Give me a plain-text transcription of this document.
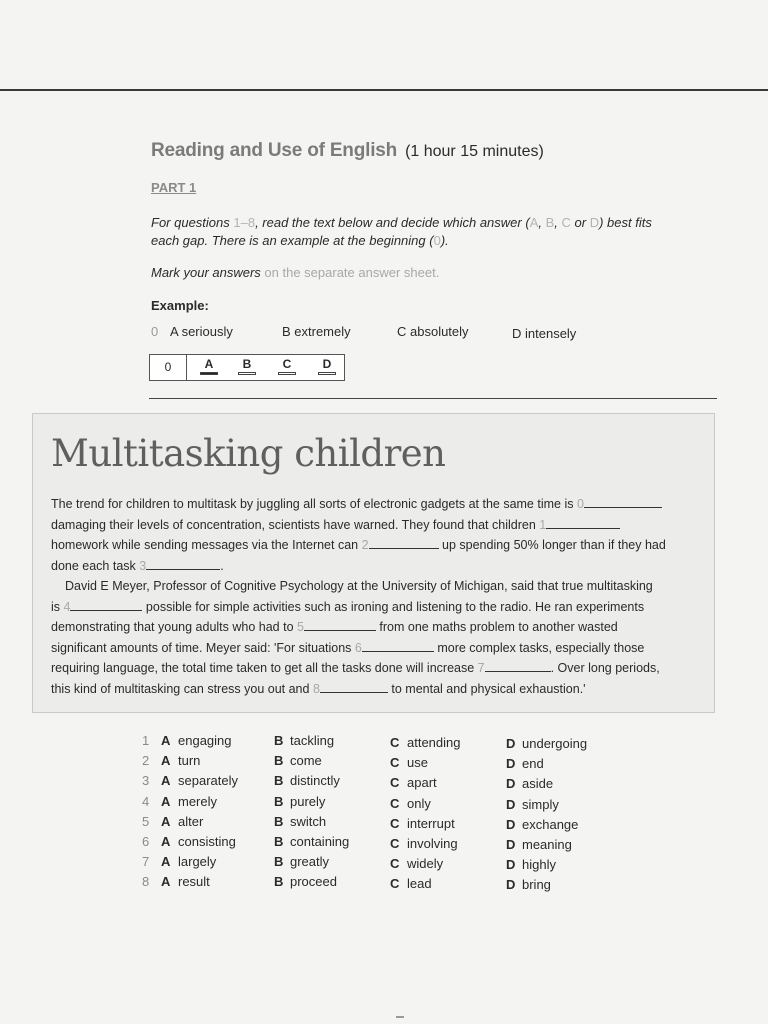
Reading and Use of English (1 hour 15 minutes)
PART 1
For questions 1–8, read the text below and decide which answer (A, B, C or D) best fits
each gap. There is an example at the beginning (0).
Mark your answers on the separate answer sheet.
Example:
0 A seriously	B extremely	C absolutely	D intensely
0	A	B	C	D
Multitasking children

The trend for children to multitask by juggling all sorts of electronic gadgets at the same time is 0
damaging their levels of concentration, scientists have warned. They found that children 1
homework while sending messages via the Internet can 2	up spending 50% longer than if they had
done each task 3	.

David E Meyer, Professor of Cognitive Psychology at the University of Michigan, said that true multitasking
is 4	possible for simple activities such as ironing and listening to the radio. He ran experiments
demonstrating that young adults who had to 5	from one maths problem to another wasted
significant amounts of time. Meyer said: 'For situations 6	more complex tasks, especially those
requiring language, the total time taken to get all the tasks done will increase 7	. Over long periods,
this kind of multitasking can stress you out and 8	to mental and physical exhaustion.'

1 A engaging	B tackling	C attending	D undergoing
2 A turn	B come	C use	D end
3 A separately	B distinctly	C apart	D aside
4 A merely	B purely	C only	D simply
5 A alter	B switch	C interrupt	D exchange
6 A consisting	B containing	C involving	D meaning
7 A largely	B greatly	C widely	D highly
8 A result	B proceed	C lead	D bring
